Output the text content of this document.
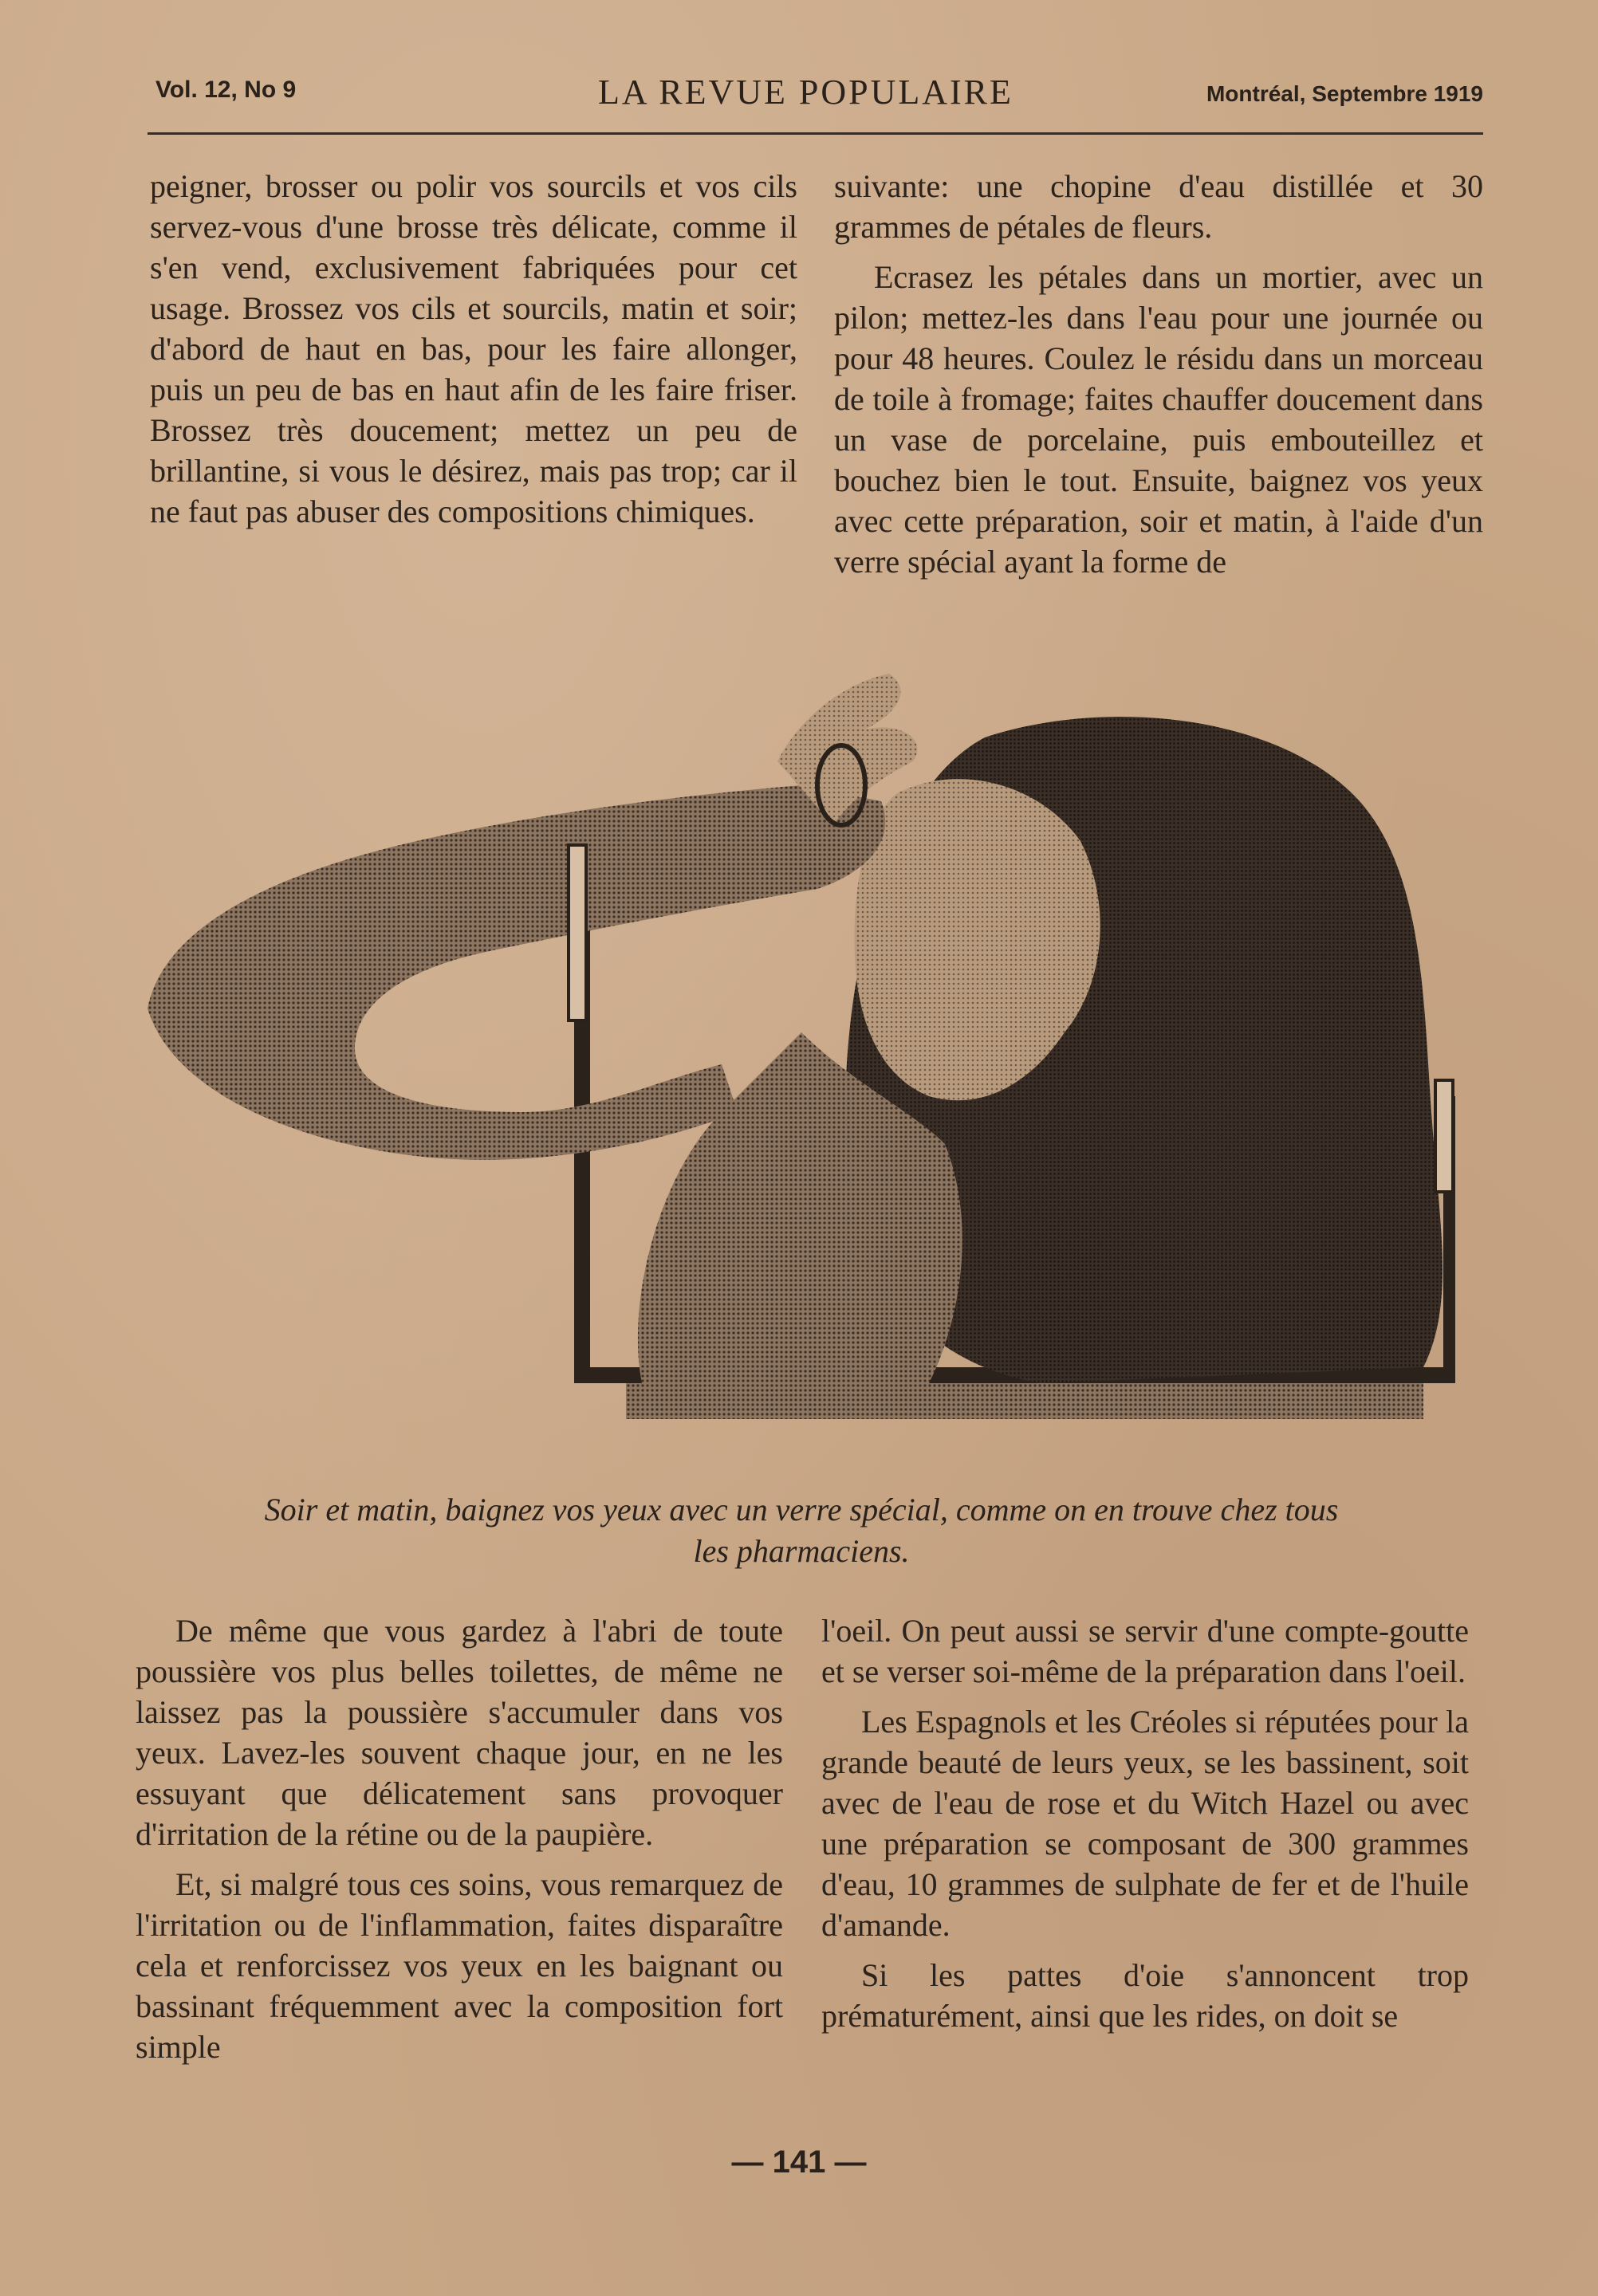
Vol. 12, No 9	LA REVUE POPULAIRE	Montréal, Septembre 1919

peigner, brosser ou polir vos sourcils et vos cils servez-vous d'une brosse très délicate, comme il s'en vend, exclusivement fabriquées pour cet usage. Brossez vos cils et sourcils, matin et soir; d'abord de haut en bas, pour les faire allonger, puis un peu de bas en haut afin de les faire friser. Brossez très doucement; mettez un peu de brillantine, si vous le désirez, mais pas trop; car il ne faut pas abuser des compositions chimiques.

suivante: une chopine d'eau distillée et 30 grammes de pétales de fleurs.

Ecrasez les pétales dans un mortier, avec un pilon; mettez-les dans l'eau pour une journée ou pour 48 heures. Coulez le résidu dans un morceau de toile à fromage; faites chauffer doucement dans un vase de porcelaine, puis embouteillez et bouchez bien le tout. Ensuite, baignez vos yeux avec cette préparation, soir et matin, à l'aide d'un verre spécial ayant la forme de

Soir et matin, baignez vos yeux avec un verre spécial, comme on en trouve chez tous
les pharmaciens.

De même que vous gardez à l'abri de toute poussière vos plus belles toilettes, de même ne laissez pas la poussière s'accumuler dans vos yeux. Lavez-les souvent chaque jour, en ne les essuyant que délicatement sans provoquer d'irritation de la rétine ou de la paupière.

Et, si malgré tous ces soins, vous remarquez de l'irritation ou de l'inflammation, faites disparaître cela et renforcissez vos yeux en les baignant ou bassinant fréquemment avec la composition fort simple

l'oeil. On peut aussi se servir d'une compte-goutte et se verser soi-même de la préparation dans l'oeil.

Les Espagnols et les Créoles si réputées pour la grande beauté de leurs yeux, se les bassinent, soit avec de l'eau de rose et du Witch Hazel ou avec une préparation se composant de 300 grammes d'eau, 10 grammes de sulphate de fer et de l'huile d'amande.

Si les pattes d'oie s'annoncent trop prématurément, ainsi que les rides, on doit se

— 141 —
